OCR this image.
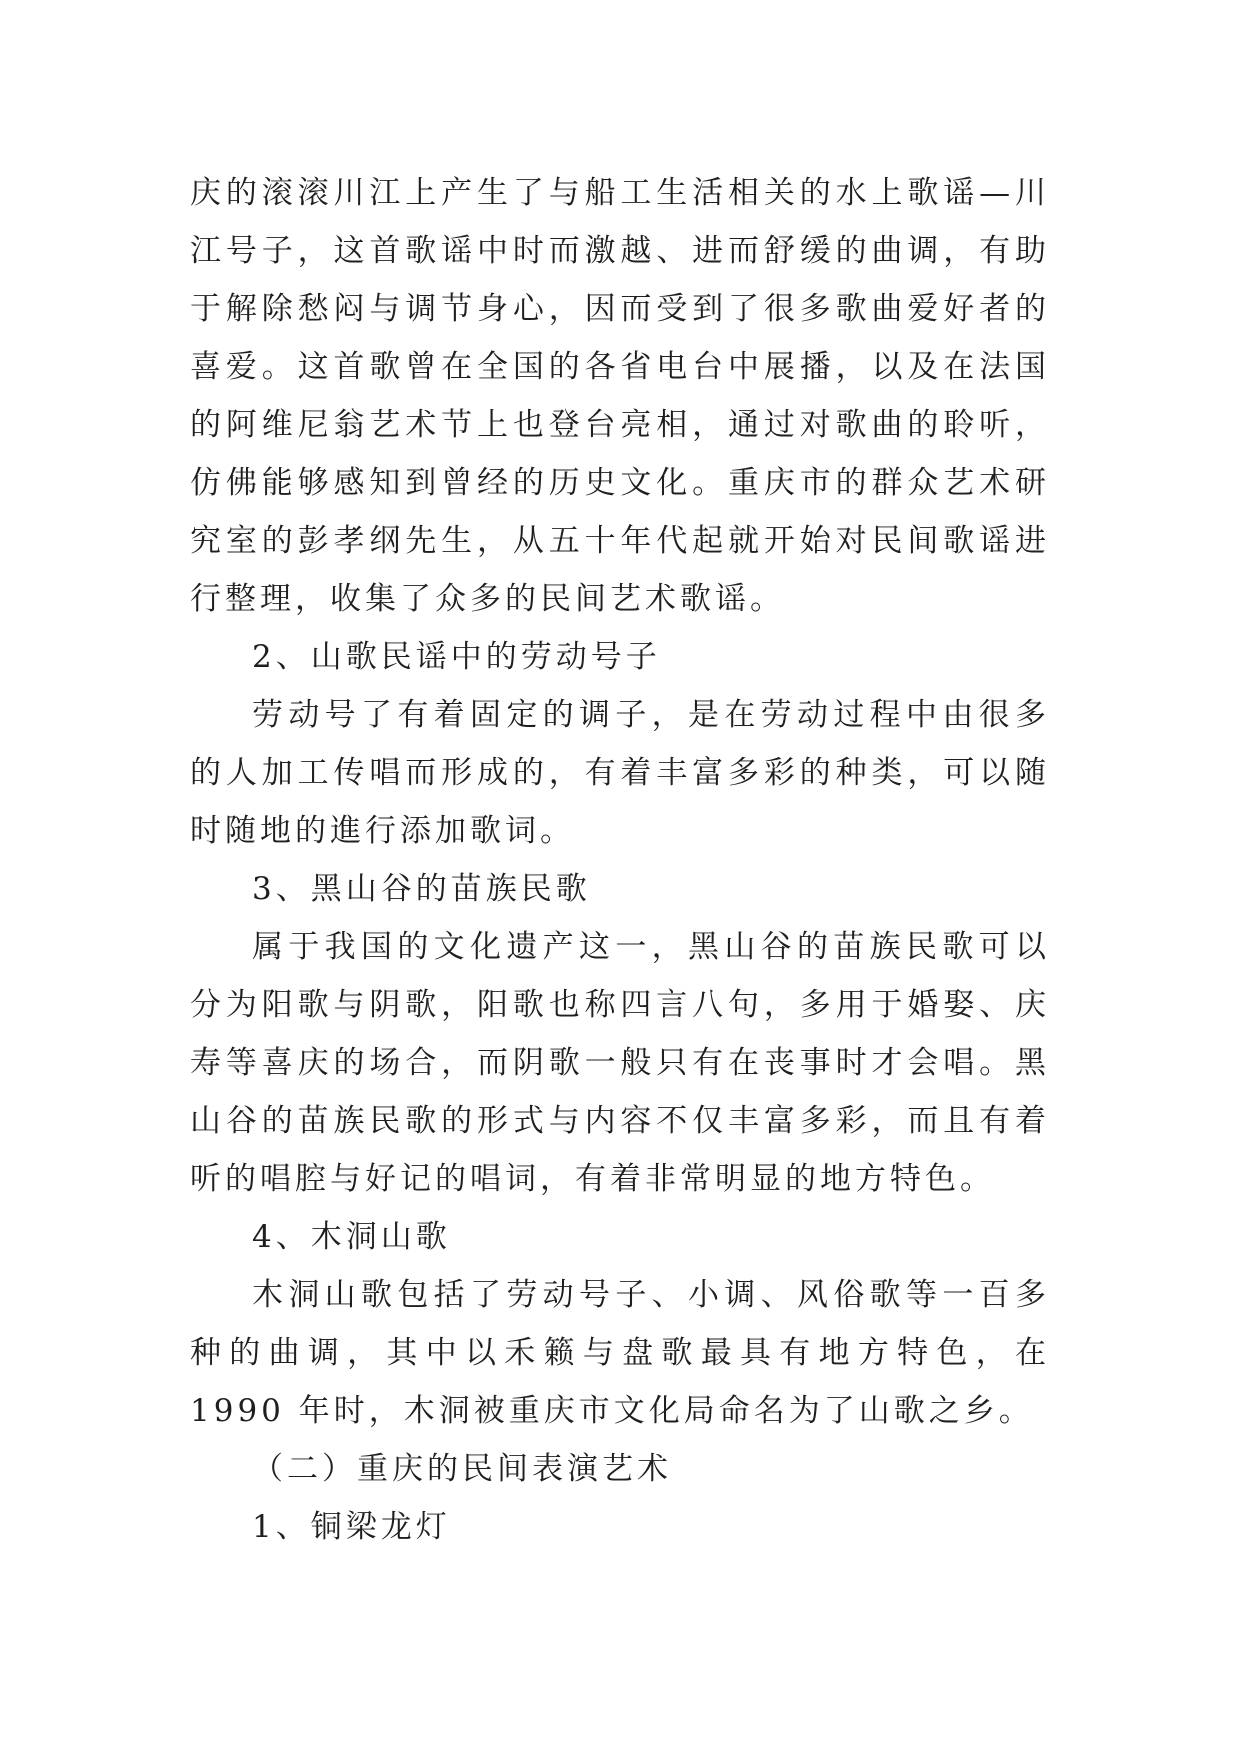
庆的滚滚川江上产生了与船工生活相关的水上歌谣—川江号子，这首歌谣中时而激越、进而舒缓的曲调，有助于解除愁闷与调节身心，因而受到了很多歌曲爱好者的喜爱。这首歌曾在全国的各省电台中展播，以及在法国的阿维尼翁艺术节上也登台亮相，通过对歌曲的聆听，仿佛能够感知到曾经的历史文化。重庆市的群众艺术研究室的彭孝纲先生，从五十年代起就开始对民间歌谣进行整理，收集了众多的民间艺术歌谣。

2、山歌民谣中的劳动号子

劳动号了有着固定的调子，是在劳动过程中由很多的人加工传唱而形成的，有着丰富多彩的种类，可以随时随地的進行添加歌词。

3、黑山谷的苗族民歌

属于我国的文化遗产这一，黑山谷的苗族民歌可以分为阳歌与阴歌，阳歌也称四言八句，多用于婚娶、庆寿等喜庆的场合，而阴歌一般只有在丧事时才会唱。黑山谷的苗族民歌的形式与内容不仅丰富多彩，而且有着听的唱腔与好记的唱词，有着非常明显的地方特色。

4、木洞山歌

木洞山歌包括了劳动号子、小调、风俗歌等一百多种的曲调，其中以禾籁与盘歌最具有地方特色，在 1990 年时，木洞被重庆市文化局命名为了山歌之乡。

（二）重庆的民间表演艺术

1、铜梁龙灯
